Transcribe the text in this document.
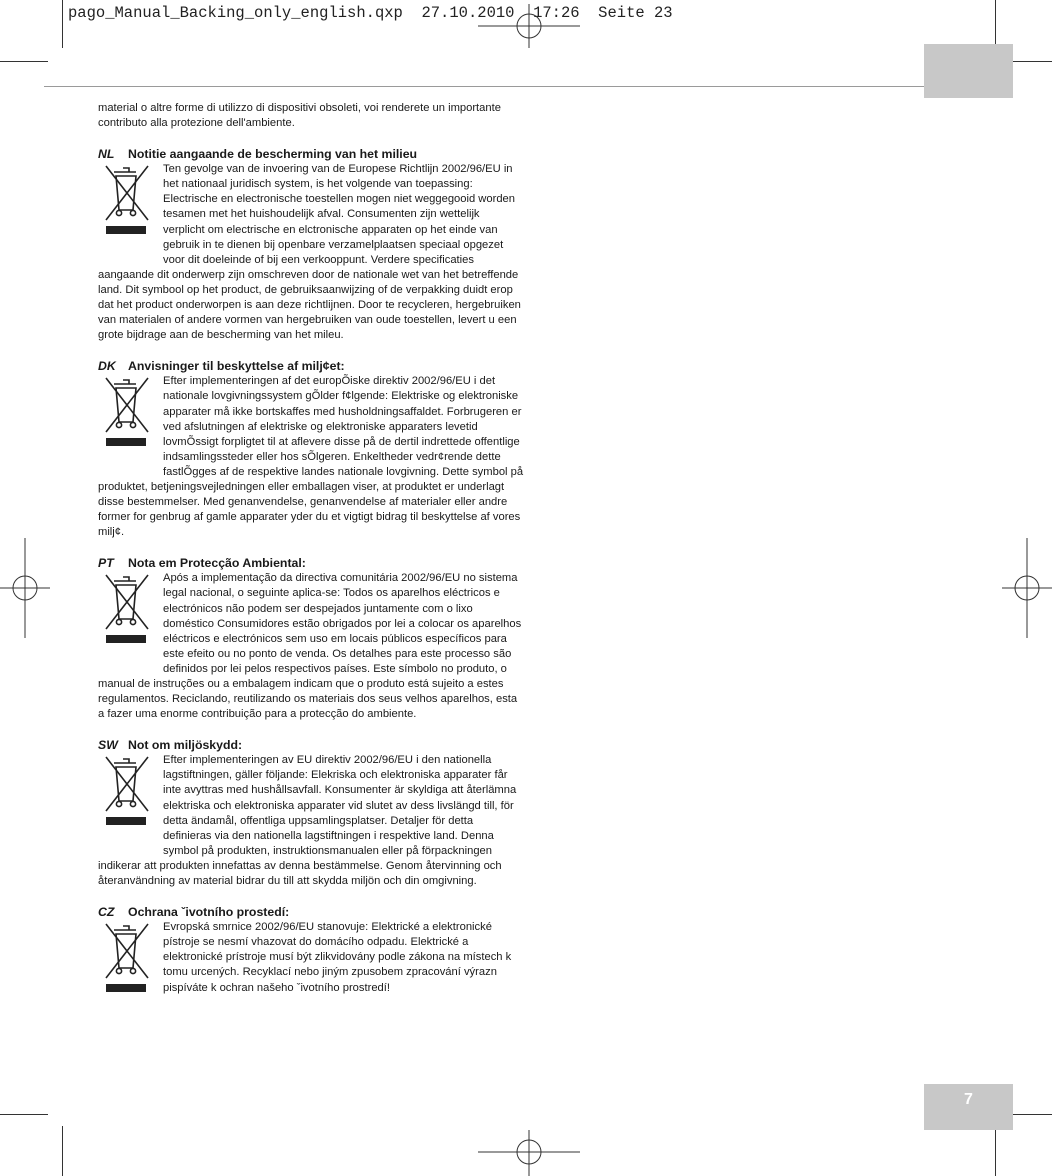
pago_Manual_Backing_only_english.qxp  27.10.2010  17:26  Seite 23
7

material o altre forme di utilizzo di dispositivi obsoleti, voi renderete un importante contributo alla protezione dell'ambiente.

NL Notitie aangaande de bescherming van het milieu

Ten gevolge van de invoering van de Europese Richtlijn 2002/96/EU in het nationaal juridisch system, is het volgende van toepassing: Electrische en electronische toestellen mogen niet weggegooid worden tesamen met het huishoudelijk afval. Consumenten zijn wettelijk verplicht om electrische en elctronische apparaten op het einde van gebruik in te dienen bij openbare verzamelplaatsen speciaal opgezet voor dit doeleinde of bij een verkooppunt. Verdere specificaties aangaande dit onderwerp zijn omschreven door de nationale wet van het betreffende land. Dit symbool op het product, de gebruiksaanwijzing of de verpakking duidt erop dat het product onderworpen is aan deze richtlijnen. Door te recycleren, hergebruiken van materialen of andere vormen van hergebruiken van oude toestellen, levert u een grote bijdrage aan de bescherming van het mileu.

DK Anvisninger til beskyttelse af milj¢et:

Efter implementeringen af det europÕiske direktiv 2002/96/EU i det nationale lovgivningssystem gÕlder f¢lgende: Elektriske og elektroniske apparater må ikke bortskaffes med husholdningsaffaldet. Forbrugeren er ved afslutningen af elektriske og elektroniske apparaters levetid lovmÕssigt forpligtet til at aflevere disse på de dertil indrettede offentlige indsamlingssteder eller hos sÕlgeren. Enkeltheder vedr¢rende dette fastlÕgges af de respektive landes nationale lovgivning. Dette symbol på produktet, betjeningsvejledningen eller emballagen viser, at produktet er underlagt disse bestemmelser. Med genanvendelse, genanvendelse af materialer eller andre former for genbrug af gamle apparater yder du et vigtigt bidrag til beskyttelse af vores milj¢.

PT Nota em Protecção Ambiental:

Após a implementação da directiva comunitária 2002/96/EU no sistema legal nacional, o seguinte aplica-se: Todos os aparelhos eléctricos e electrónicos não podem ser despejados juntamente com o lixo doméstico Consumidores estão obrigados por lei a colocar os aparelhos eléctricos e electrónicos sem uso em locais públicos específicos para este efeito ou no ponto de venda. Os detalhes para este processo são definidos por lei pelos respectivos países. Este símbolo no produto, o manual de instruções ou a embalagem indicam que o produto está sujeito a estes regulamentos. Reciclando, reutilizando os materiais dos seus velhos aparelhos, esta a fazer uma enorme contribuição para a protecção do ambiente.

SW Not om miljöskydd:

Efter implementeringen av EU direktiv 2002/96/EU i den nationella lagstiftningen, gäller följande: Elekriska och elektroniska apparater får inte avyttras med hushållsavfall. Konsumenter är skyldiga att återlämna elektriska och elektroniska apparater vid slutet av dess livslängd till, för detta ändamål, offentliga uppsamlingsplatser. Detaljer för detta definieras via den nationella lagstiftningen i respektive land. Denna symbol på produkten, instruktionsmanualen eller på förpackningen indikerar att produkten innefattas av denna bestämmelse. Genom återvinning och återanvändning av material bidrar du till att skydda miljön och din omgivning.

CZ Ochrana ˇivotního prostedí:

Evropská smrnice 2002/96/EU stanovuje: Elektrické a elektronické pístroje se nesmí vhazovat do domácího odpadu. Elektrické a elektronické prístroje musí být zlikvidovány podle zákona na místech k tomu urcených. Recyklací nebo jiným zpusobem zpracování výrazn pispíváte k ochran našeho ˇivotního prostredí!
